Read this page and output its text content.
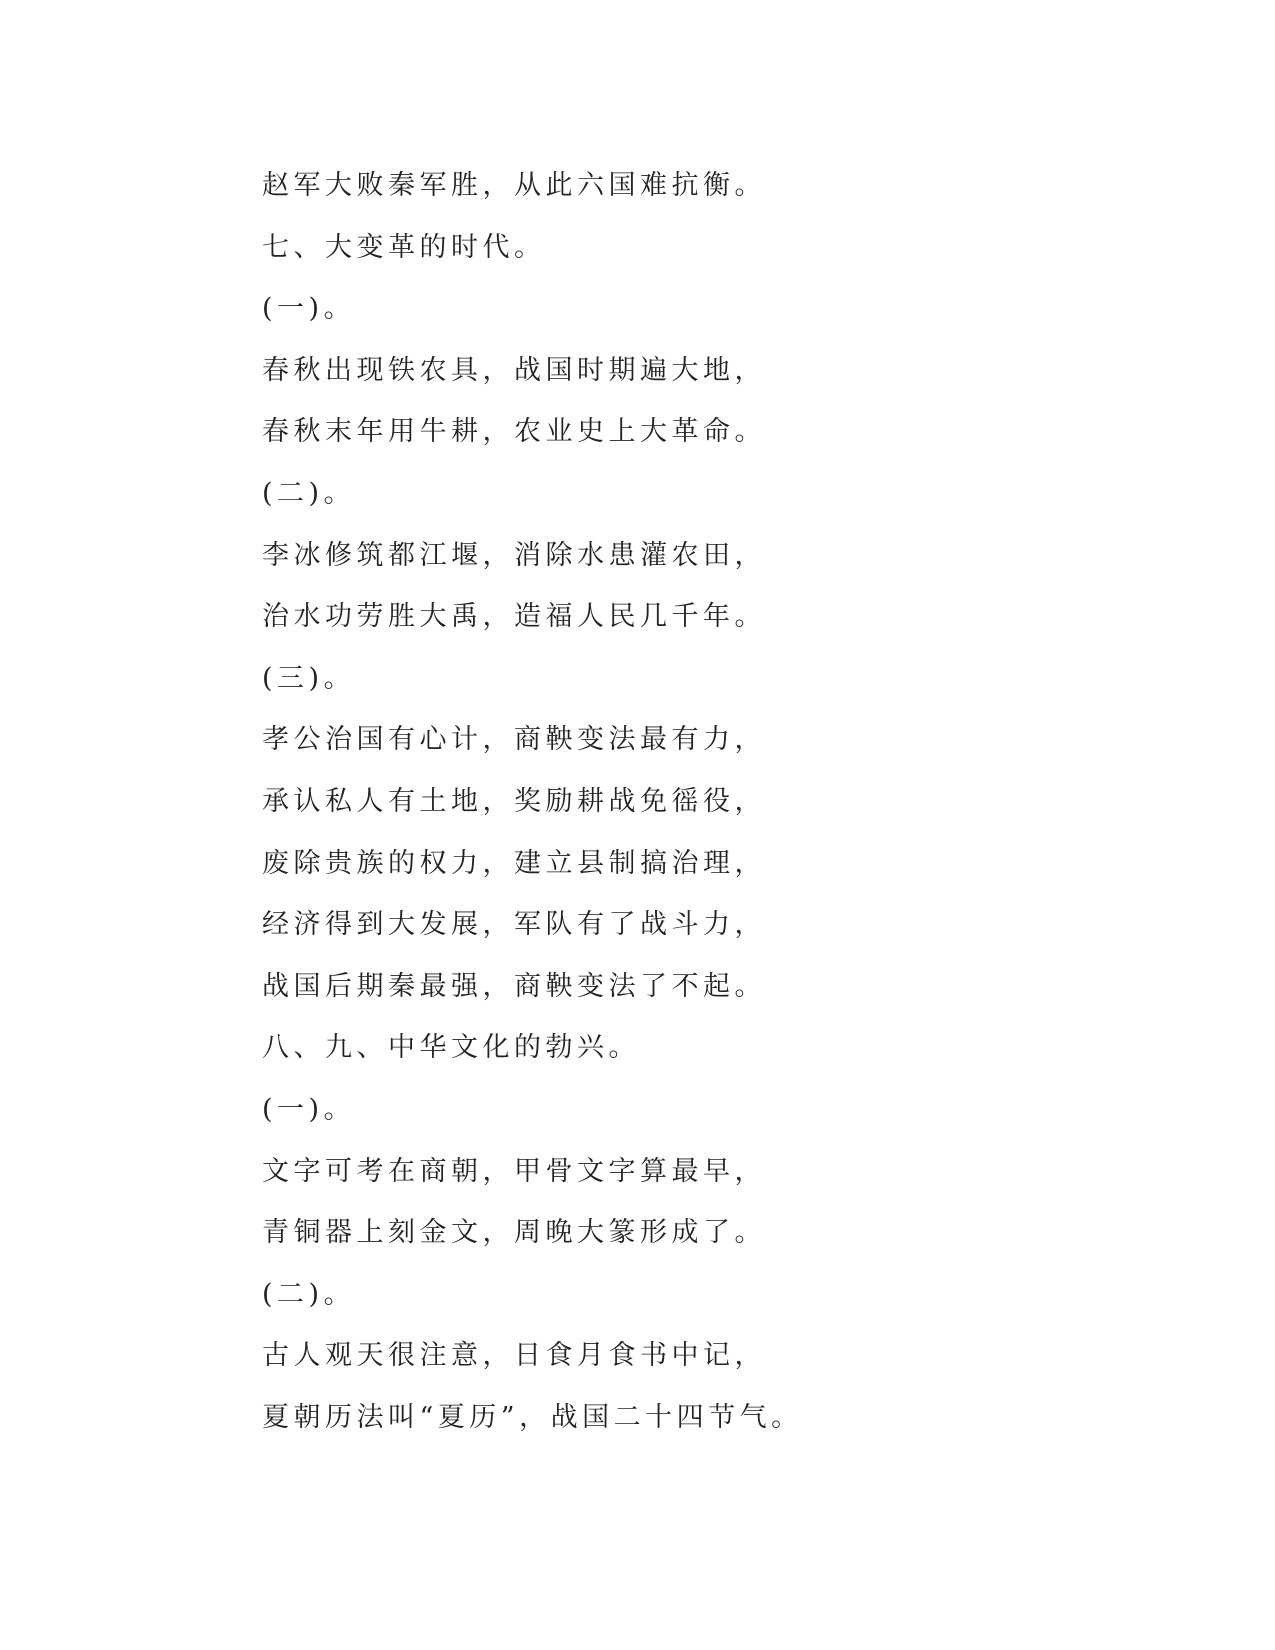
赵军大败秦军胜，从此六国难抗衡。
七、大变革的时代。
(一)。
春秋出现铁农具，战国时期遍大地，
春秋末年用牛耕，农业史上大革命。
(二)。
李冰修筑都江堰，消除水患灌农田，
治水功劳胜大禹，造福人民几千年。
(三)。
孝公治国有心计，商鞅变法最有力，
承认私人有土地，奖励耕战免徭役，
废除贵族的权力，建立县制搞治理，
经济得到大发展，军队有了战斗力，
战国后期秦最强，商鞅变法了不起。
八、九、中华文化的勃兴。
(一)。
文字可考在商朝，甲骨文字算最早，
青铜器上刻金文，周晚大篆形成了。
(二)。
古人观天很注意，日食月食书中记，
夏朝历法叫“夏历”，战国二十四节气。
